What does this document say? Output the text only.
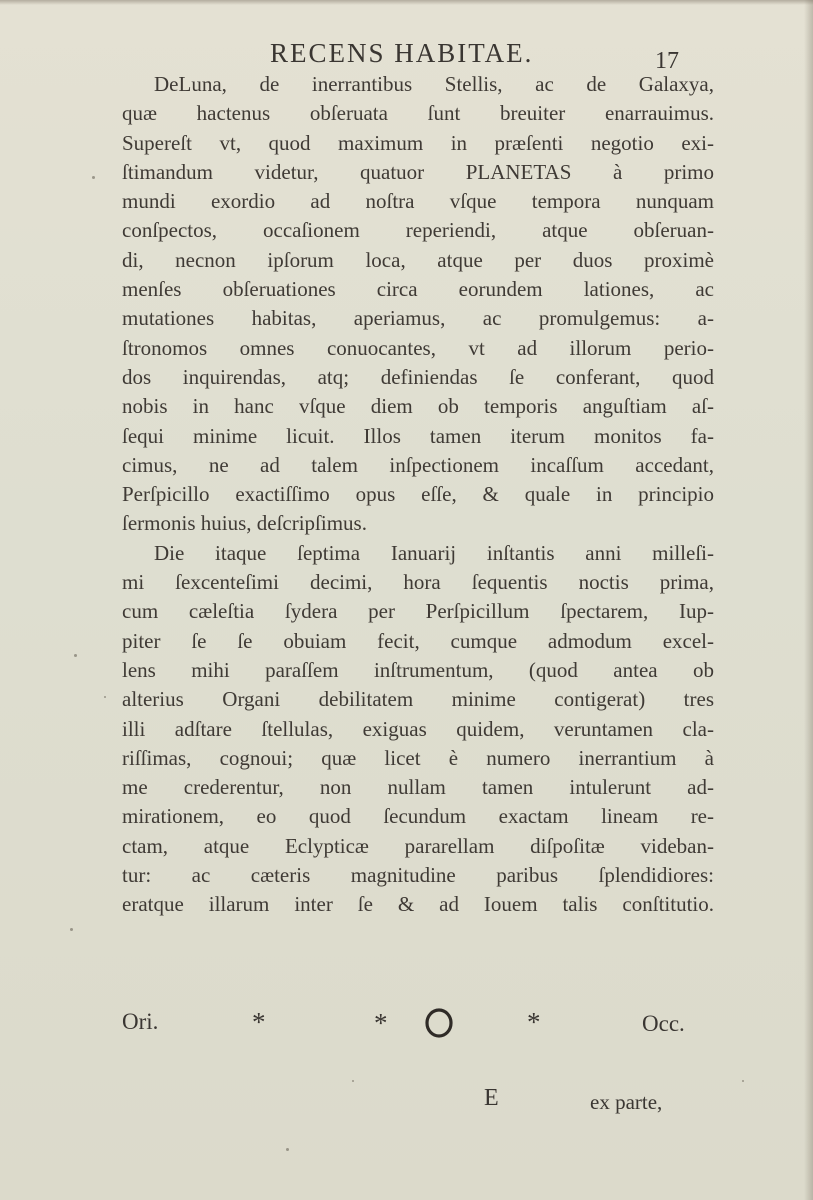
RECENS HABITAE.	17
DeLuna, de inerrantibus Stellis, ac de Galaxya,
quæ hactenus obſeruata ſunt breuiter enarrauimus.
Supereſt vt, quod maximum in præſenti negotio exi-
ſtimandum videtur, quatuor PLANETAS à primo
mundi exordio ad noſtra vſque tempora nunquam
conſpectos, occaſionem reperiendi, atque obſeruan-
di, necnon ipſorum loca, atque per duos proximè
menſes obſeruationes circa eorundem lationes, ac
mutationes habitas, aperiamus, ac promulgemus: a-
ſtronomos omnes conuocantes, vt ad illorum perio-
dos inquirendas, atq; definiendas ſe conferant, quod
nobis in hanc vſque diem ob temporis anguſtiam aſ-
ſequi minime licuit. Illos tamen iterum monitos fa-
cimus, ne ad talem inſpectionem incaſſum accedant,
Perſpicillo exactiſſimo opus eſſe, & quale in principio
ſermonis huius, deſcripſimus.
Die itaque ſeptima Ianuarij inſtantis anni milleſi-
mi ſexcenteſimi decimi, hora ſequentis noctis prima,
cum cæleſtia ſydera per Perſpicillum ſpectarem, Iup-
piter ſe ſe obuiam fecit, cumque admodum excel-
lens mihi paraſſem inſtrumentum, (quod antea ob
alterius Organi debilitatem minime contigerat) tres
illi adſtare ſtellulas, exiguas quidem, veruntamen cla-
riſſimas, cognoui; quæ licet è numero inerrantium à
me crederentur, non nullam tamen intulerunt ad-
mirationem, eo quod ſecundum exactam lineam re-
ctam, atque Eclypticæ pararellam diſpoſitæ videban-
tur: ac cæteris magnitudine paribus ſplendidiores:
eratque illarum inter ſe & ad Iouem talis conſtitutio.
Ori.	*	*	*	Occ.
E	ex parte,
